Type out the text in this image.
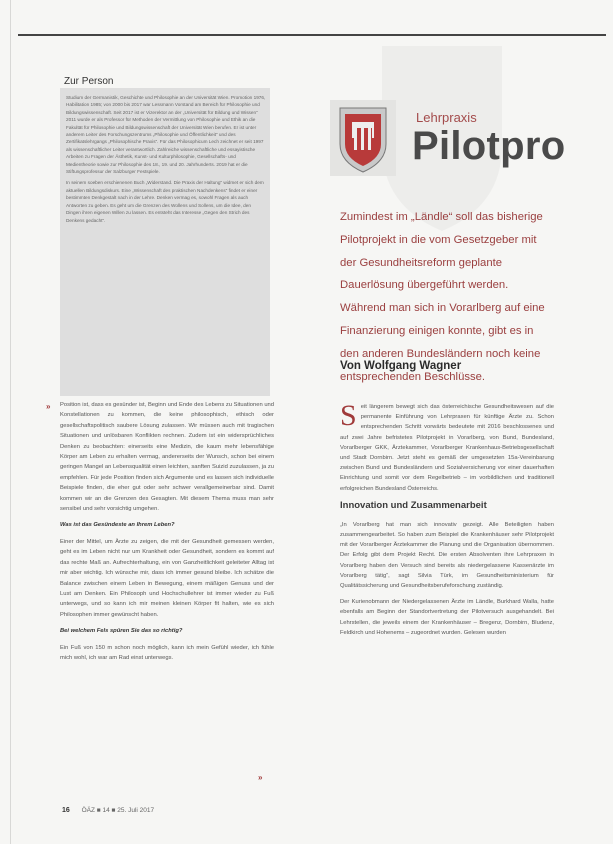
Zur Person

Studium der Germanistik, Geschichte und Philosophie an der Universität Wien. Promotion 1976, Habilitation 1985; von 2000 bis 2017 war Lessmann Vorstand am Bereich für Philosophie und Bildungswissenschaft. Seit 2017 ist er Vizerektor an der „Universität für Bildung und Wissen“ 2011 wurde er als Professor für Methoden der Vermittlung von Philosophie und Ethik an die Fakultät für Philosophie und Bildungswissenschaft der Universität Wien berufen. Er ist unter anderem Leiter des Forschungszentrums „Philosophie und Öffentlichkeit“ und des Zertifikatslehrgangs „Philosophische Praxis“. Für das Philosophicum Lech zeichnet er seit 1997 als wissenschaftlicher Leiter verantwortlich. Zahlreiche wissenschaftliche und essayistische Arbeiten zu Fragen der Ästhetik, Kunst- und Kulturphilosophie, Gesellschafts- und Medientheorie sowie zur Philosophie des 18., 19. und 20. Jahrhunderts. 2019 hat er die Stiftungsprofessur der Salzburger Festspiele.

In seinem soeben erschienenen Buch „Widerstand. Die Praxis der Haltung“ widmet er sich dem aktuellen Bildungsdiskurs. Eine „Wissenschaft des praktischen Nachdenkens“ findet er einer bestimmten Denkgestalt nach in der Lehre. Denken vermag es, sowohl Fragen als auch Antworten zu geben. Es geht um die Grenzen des Wollens und Sollens, um die Idee, den Dingen ihren eigenen Willen zu lassen. Es entsteht das Interesse „Gegen den Strich des Denkens gedacht“.

Lehrpraxis
Pilotpro
Zumindest im „Ländle“ soll das bisherige Pilotprojekt in die vom Gesetzgeber mit der Gesundheitsreform geplante Dauerlösung übergeführt werden. Während man sich in Vorarlberg auf eine Finanzierung einigen konnte, gibt es in den anderen Bundesländern noch keine entsprechenden Beschlüsse.
Von Wolfgang Wagner
» Position ist, dass es gesünder ist, Beginn und Ende des Lebens zu Situationen und Konstellationen zu kommen, die keine philosophisch, ethisch oder gesellschaftspolitisch saubere Lösung zulassen. Wir müssen auch mit tragischen Situationen und unlösbaren Konflikten rechnen. Zudem ist ein widersprüchliches Denken zu beobachten: einerseits eine Medizin, die kaum mehr lebensfähige Körper am Leben zu erhalten vermag, andererseits der Wunsch, schon bei einem geringen Mangel an Lebensqualität einen leichten, sanften Suizid zuzulassen, ja zu empfehlen. Für jede Position finden sich Argumente und es lassen sich individuelle Beispiele finden, die eher gut oder sehr schwer verallgemeinerbar sind. Damit kommen wir an die Grenzen des Gesagten. Mit diesem Thema muss man sehr sensibel und sehr vorsichtig umgehen.

Was ist das Gesündeste an Ihrem Leben?

Einer der Mittel, um Ärzte zu zeigen, die mit der Gesundheit gemessen werden, geht es im Leben nicht nur um Krankheit oder Gesundheit, sondern es kommt auf das rechte Maß an. Aufrechterhaltung, ein von Ganzheitlichkeit geleiteter Alltag ist mir aber wichtig. Ich wünsche mir, dass ich immer gesund bleibe. Ich schätze die Balance zwischen einem Leben in Bewegung, einem mäßigen Genuss und der Lust am Denken. Ein Philosoph und Hochschullehrer ist immer wieder zu Fuß unterwegs, und so kann ich mir meinen kleinen Körper fit halten, wie es sich Philosophen immer gewünscht haben.

Bei welchem Fels spüren Sie das so richtig?

Ein Fuß von 150 m schon noch möglich, kann ich mein Gefühl wieder, ich fühle mich wohl, ich war am Rad einst unterwegs.

»

Seit längerem bewegt sich das österreichische Gesundheitswesen auf die permanente Einführung von Lehrpraxen für künftige Ärzte zu. Schon entsprechenden Schritt vorwärts bedeutete mit 2016 beschlossenes und auf zwei Jahre befristetes Pilotprojekt in Vorarlberg, von Bund, Bundesland, Vorarlberger GKK, Ärztekammer, Vorarlberger Krankenhaus-Betriebsgesellschaft und Stadt Dornbirn. Jetzt steht es gemäß der umgesetzten 15a-Vereinbarung zwischen Bund und Bundesländern und Sozialversicherung vor einer dauerhaften Einrichtung und somit vor dem Regelbetrieb – im vorbildlichen und traditionell erfolgreichen Bundesland Österreichs.

Innovation und Zusammenarbeit

„In Vorarlberg hat man sich innovativ gezeigt. Alle Beteiligten haben zusammengearbeitet. So haben zum Beispiel die Krankenhäuser sehr Pilotprojekt mit der Vorarlberger Ärztekammer die Planung und die Organisation übernommen. Der Erfolg gibt dem Projekt Recht. Die ersten Absolventen ihre Lehrpraxen in Vorarlberg haben den Versuch sind bereits als niedergelassene Kassenärzte im Vorarlberg tätig“, sagt Silvia Türk, im Gesundheitsministerium für Qualitätssicherung und Gesundheitsberufeforschung zuständig.

Der Kurienobmann der Niedergelassenen Ärzte im Ländle, Burkhard Walla, hatte ebenfalls am Beginn der Standortvertretung der Pilotversuch ausgehandelt. Bei Lehrstellen, die jeweils einem der Krankenhäuser – Bregenz, Dornbirn, Bludenz, Feldkirch und Hohenems – zugeordnet wurden. Gelesen wurden

16 ÖÄZ ■ 14 ■ 25. Juli 2017
